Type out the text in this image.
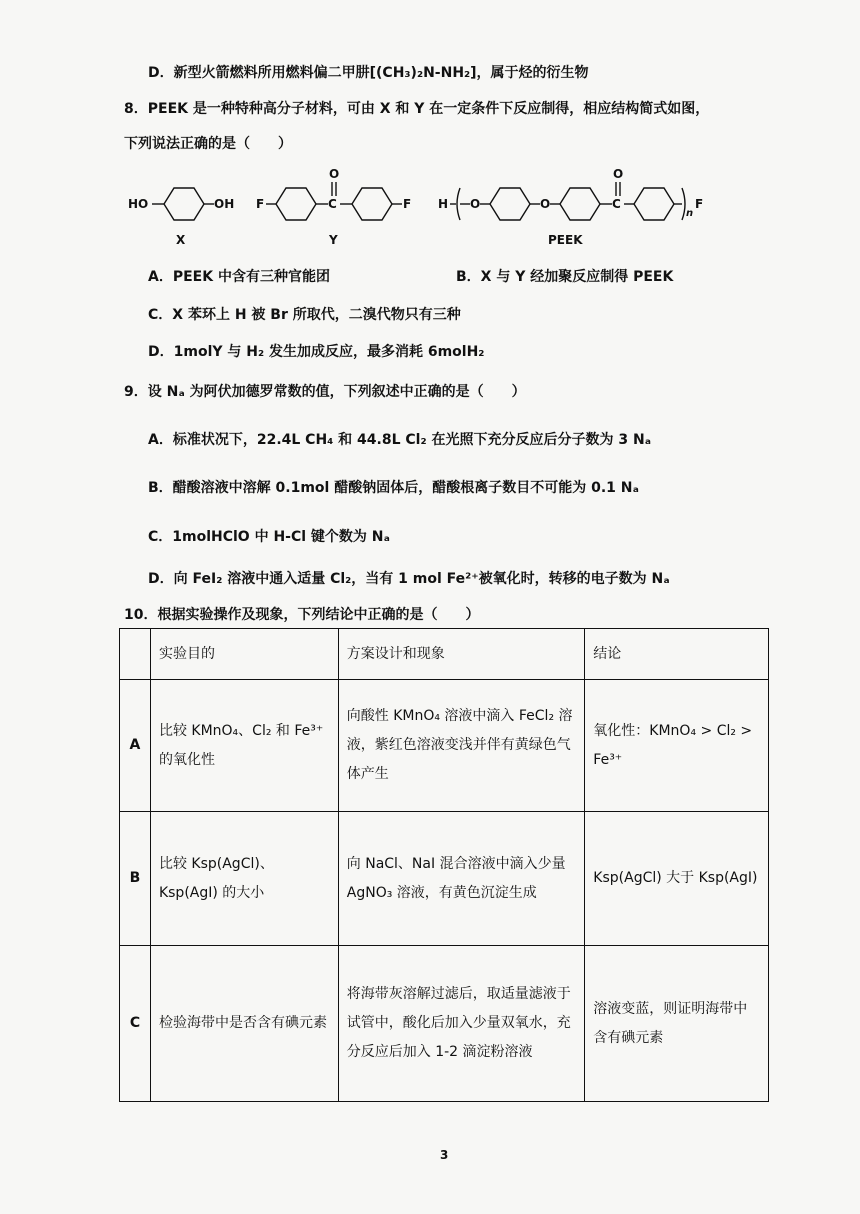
D．新型火箭燃料所用燃料偏二甲肼[(CH₃)₂N-NH₂]，属于烃的衍生物
8．PEEK 是一种特种高分子材料，可由 X 和 Y 在一定条件下反应制得，相应结构简式如图，
下列说法正确的是（　　）
HO	OH
X
F	C
O
F
Y
H O	O	C
O
n
F
PEEK
A．PEEK 中含有三种官能团	B．X 与 Y 经加聚反应制得 PEEK
C．X 苯环上 H 被 Br 所取代，二溴代物只有三种
D．1molY 与 H₂ 发生加成反应，最多消耗 6molH₂
9．设 Nₐ 为阿伏加德罗常数的值，下列叙述中正确的是（　　）
A．标准状况下，22.4L CH₄ 和 44.8L Cl₂ 在光照下充分反应后分子数为 3 Nₐ
B．醋酸溶液中溶解 0.1mol 醋酸钠固体后，醋酸根离子数目不可能为 0.1 Nₐ
C．1molHClO 中 H-Cl 键个数为 Nₐ
D．向 FeI₂ 溶液中通入适量 Cl₂，当有 1 mol Fe²⁺被氧化时，转移的电子数为 Nₐ
10．根据实验操作及现象，下列结论中正确的是（　　）
	实验目的	方案设计和现象	结论
A	比较 KMnO₄、Cl₂ 和 Fe³⁺ 的氧化性	向酸性 KMnO₄ 溶液中滴入 FeCl₂ 溶液，紫红色溶液变浅并伴有黄绿色气体产生	氧化性：KMnO₄ > Cl₂ > Fe³⁺
B	比较 Ksp(AgCl)、Ksp(AgI) 的大小	向 NaCl、NaI 混合溶液中滴入少量 AgNO₃ 溶液，有黄色沉淀生成	Ksp(AgCl) 大于 Ksp(AgI)
C	检验海带中是否含有碘元素	将海带灰溶解过滤后，取适量滤液于试管中，酸化后加入少量双氧水，充分反应后加入 1-2 滴淀粉溶液	溶液变蓝，则证明海带中含有碘元素
3
